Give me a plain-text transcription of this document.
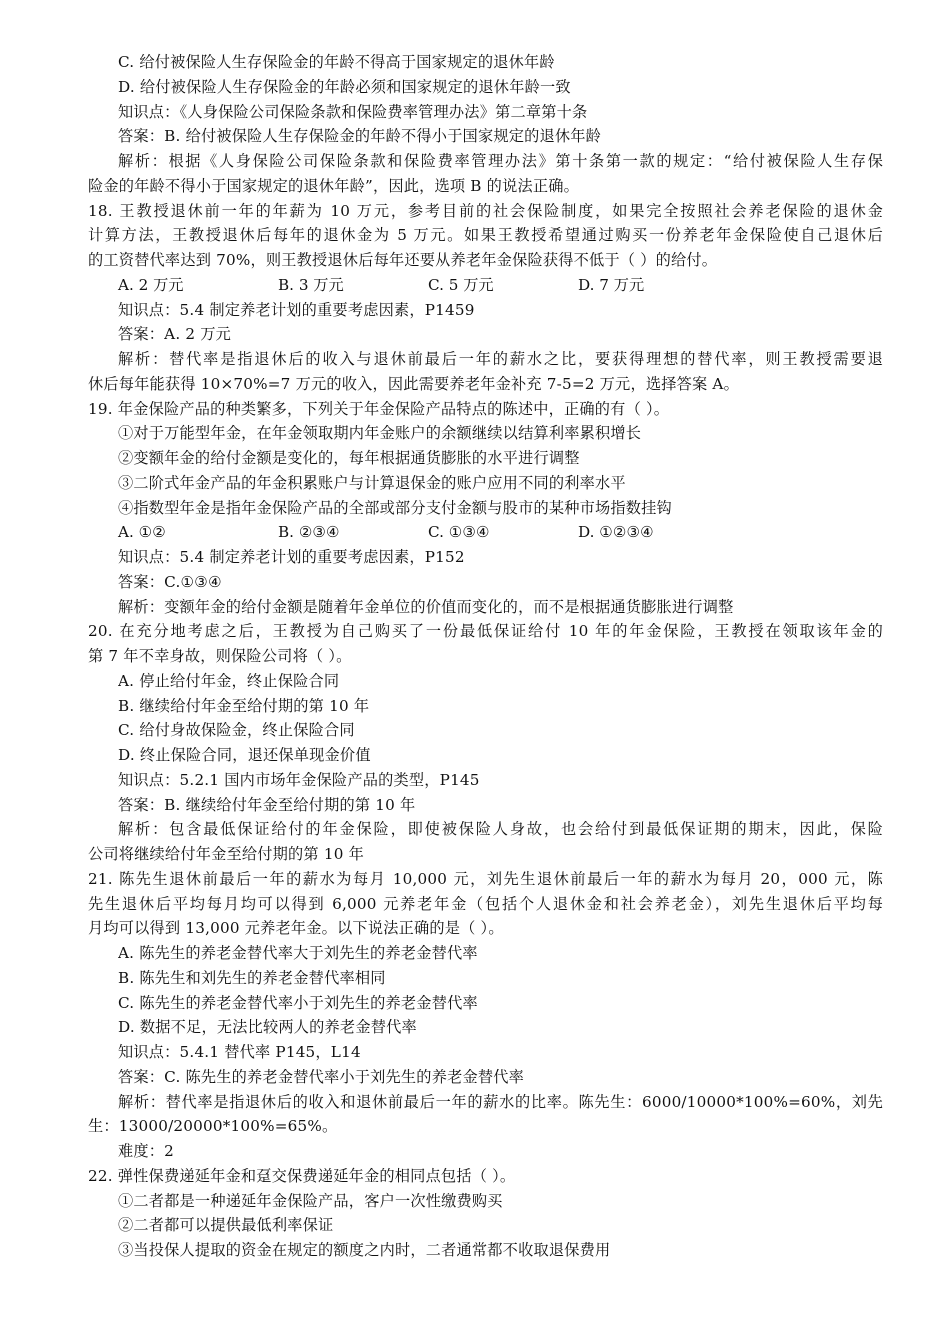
C. 给付被保险人生存保险金的年龄不得高于国家规定的退休年龄
D. 给付被保险人生存保险金的年龄必须和国家规定的退休年龄一致
知识点：《人身保险公司保险条款和保险费率管理办法》第二章第十条
答案：B. 给付被保险人生存保险金的年龄不得小于国家规定的退休年龄
解析：根据《人身保险公司保险条款和保险费率管理办法》第十条第一款的规定：“给付被保险人生存保
险金的年龄不得小于国家规定的退休年龄”，因此，选项 B 的说法正确。
18. 王教授退休前一年的年薪为 10 万元，参考目前的社会保险制度，如果完全按照社会养老保险的退休金
计算方法，王教授退休后每年的退休金为 5 万元。如果王教授希望通过购买一份养老年金保险使自己退休后
的工资替代率达到 70%，则王教授退休后每年还要从养老年金保险获得不低于（ ）的给付。
A. 2 万元	B. 3 万元	C. 5 万元	D. 7 万元
知识点：5.4 制定养老计划的重要考虑因素，P1459
答案：A. 2 万元
解析：替代率是指退休后的收入与退休前最后一年的薪水之比，要获得理想的替代率，则王教授需要退
休后每年能获得 10×70%=7 万元的收入，因此需要养老年金补充 7-5=2 万元，选择答案 A。
19. 年金保险产品的种类繁多，下列关于年金保险产品特点的陈述中，正确的有（ ）。
①对于万能型年金，在年金领取期内年金账户的余额继续以结算利率累积增长
②变额年金的给付金额是变化的，每年根据通货膨胀的水平进行调整
③二阶式年金产品的年金积累账户与计算退保金的账户应用不同的利率水平
④指数型年金是指年金保险产品的全部或部分支付金额与股市的某种市场指数挂钩
A. ①②	B. ②③④	C. ①③④	D. ①②③④
知识点：5.4 制定养老计划的重要考虑因素，P152
答案：C.①③④
解析：变额年金的给付金额是随着年金单位的价值而变化的，而不是根据通货膨胀进行调整
20. 在充分地考虑之后，王教授为自己购买了一份最低保证给付 10 年的年金保险，王教授在领取该年金的
第 7 年不幸身故，则保险公司将（ ）。
A. 停止给付年金，终止保险合同
B. 继续给付年金至给付期的第 10 年
C. 给付身故保险金，终止保险合同
D. 终止保险合同，退还保单现金价值
知识点：5.2.1 国内市场年金保险产品的类型，P145
答案：B. 继续给付年金至给付期的第 10 年
解析：包含最低保证给付的年金保险，即使被保险人身故，也会给付到最低保证期的期末，因此，保险
公司将继续给付年金至给付期的第 10 年
21. 陈先生退休前最后一年的薪水为每月 10,000 元，刘先生退休前最后一年的薪水为每月 20，000 元，陈
先生退休后平均每月均可以得到 6,000 元养老年金（包括个人退休金和社会养老金），刘先生退休后平均每
月均可以得到 13,000 元养老年金。以下说法正确的是（ ）。
A. 陈先生的养老金替代率大于刘先生的养老金替代率
B. 陈先生和刘先生的养老金替代率相同
C. 陈先生的养老金替代率小于刘先生的养老金替代率
D. 数据不足，无法比较两人的养老金替代率
知识点：5.4.1 替代率 P145，L14
答案：C. 陈先生的养老金替代率小于刘先生的养老金替代率
解析：替代率是指退休后的收入和退休前最后一年的薪水的比率。陈先生：6000/10000*100%=60%，刘先
生：13000/20000*100%=65%。
难度：2
22. 弹性保费递延年金和趸交保费递延年金的相同点包括（ ）。
①二者都是一种递延年金保险产品，客户一次性缴费购买
②二者都可以提供最低利率保证
③当投保人提取的资金在规定的额度之内时，二者通常都不收取退保费用
